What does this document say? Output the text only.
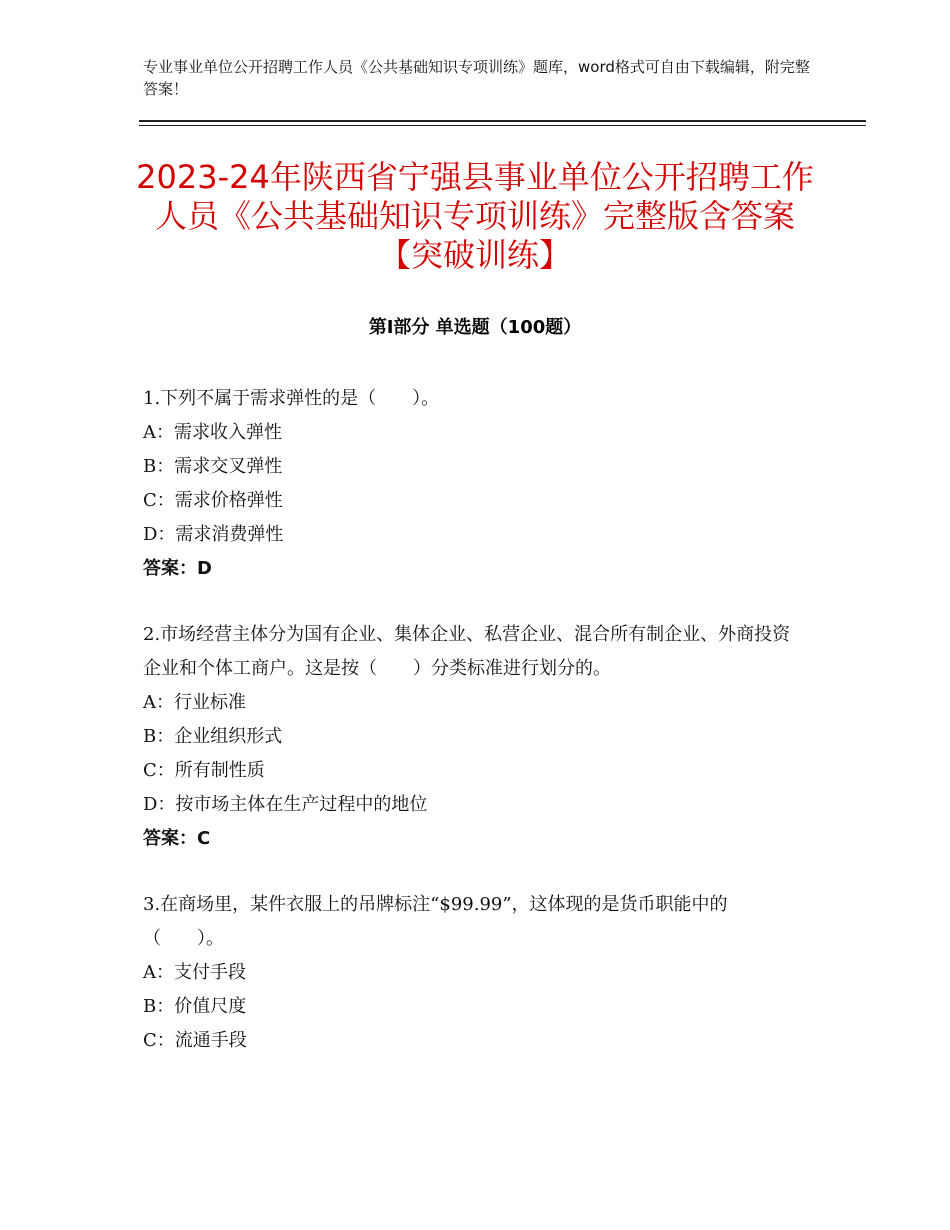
专业事业单位公开招聘工作人员《公共基础知识专项训练》题库，word格式可自由下载编辑，附完整答案！
2023-24年陕西省宁强县事业单位公开招聘工作人员《公共基础知识专项训练》完整版含答案【突破训练】
第Ⅰ部分 单选题（100题）

1.下列不属于需求弹性的是（　　）。

A：需求收入弹性

B：需求交叉弹性

C：需求价格弹性

D：需求消费弹性

答案：D

2.市场经营主体分为国有企业、集体企业、私营企业、混合所有制企业、外商投资企业和个体工商户。这是按（　　）分类标准进行划分的。

A：行业标准

B：企业组织形式

C：所有制性质

D：按市场主体在生产过程中的地位

答案：C

3.在商场里，某件衣服上的吊牌标注“$99.99”，这体现的是货币职能中的（　　）。

A：支付手段

B：价值尺度

C：流通手段
